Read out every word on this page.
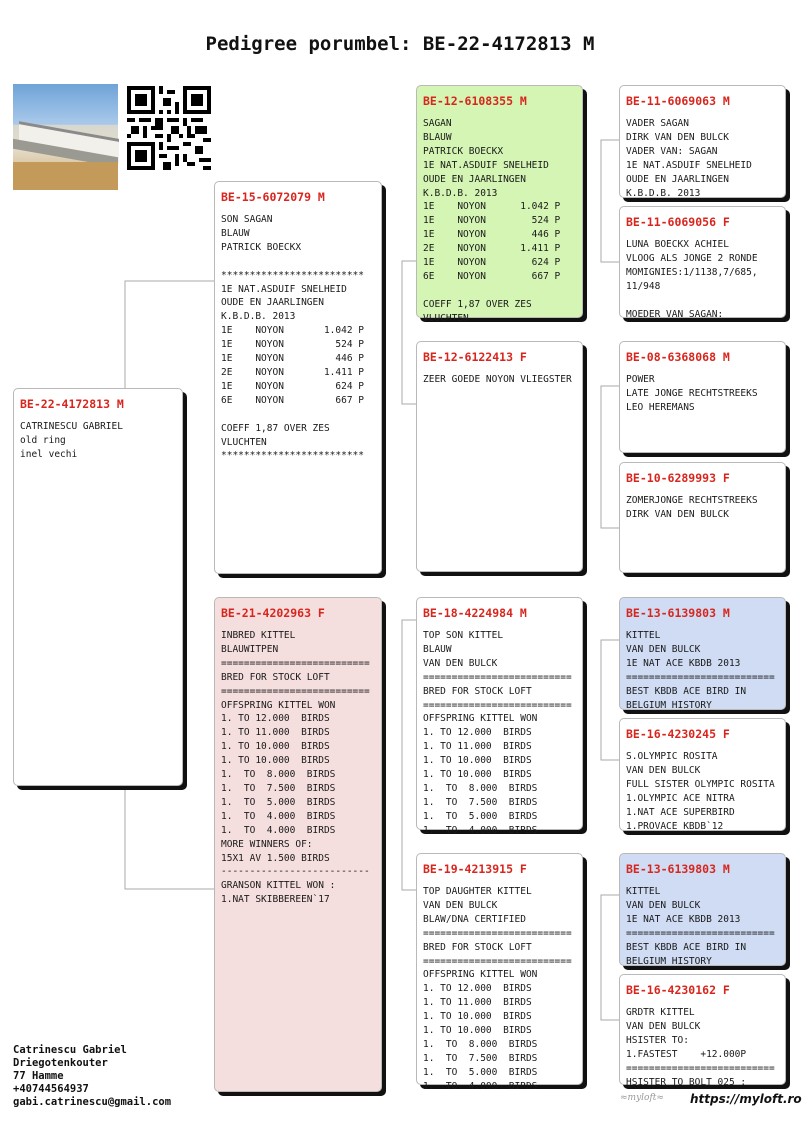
Pedigree porumbel: BE-22-4172813 M
BE-22-4172813 M
CATRINESCU GABRIEL
old ring
inel vechi
BE-15-6072079 M
SON SAGAN
BLAUW
PATRICK BOECKX

*************************
1E NAT.ASDUIF SNELHEID
OUDE EN JAARLINGEN
K.B.D.B. 2013
1E    NOYON       1.042 P
1E    NOYON         524 P
1E    NOYON         446 P
2E    NOYON       1.411 P
1E    NOYON         624 P
6E    NOYON         667 P

COEFF 1,87 OVER ZES
VLUCHTEN
*************************
BE-21-4202963 F
INBRED KITTEL
BLAUWITPEN
==========================
BRED FOR STOCK LOFT
==========================
OFFSPRING KITTEL WON
1. TO 12.000  BIRDS
1. TO 11.000  BIRDS
1. TO 10.000  BIRDS
1. TO 10.000  BIRDS
1.  TO  8.000  BIRDS
1.  TO  7.500  BIRDS
1.  TO  5.000  BIRDS
1.  TO  4.000  BIRDS
1.  TO  4.000  BIRDS
MORE WINNERS OF:
15X1 AV 1.500 BIRDS
--------------------------
GRANSON KITTEL WON :
1.NAT SKIBBEREEN`17
BE-12-6108355 M
SAGAN
BLAUW
PATRICK BOECKX
1E NAT.ASDUIF SNELHEID
OUDE EN JAARLINGEN
K.B.D.B. 2013
1E    NOYON      1.042 P
1E    NOYON        524 P
1E    NOYON        446 P
2E    NOYON      1.411 P
1E    NOYON        624 P
6E    NOYON        667 P

COEFF 1,87 OVER ZES
VLUCHTEN
BE-12-6122413 F
ZEER GOEDE NOYON VLIEGSTER
BE-18-4224984 M
TOP SON KITTEL
BLAUW
VAN DEN BULCK
==========================
BRED FOR STOCK LOFT
==========================
OFFSPRING KITTEL WON
1. TO 12.000  BIRDS
1. TO 11.000  BIRDS
1. TO 10.000  BIRDS
1. TO 10.000  BIRDS
1.  TO  8.000  BIRDS
1.  TO  7.500  BIRDS
1.  TO  5.000  BIRDS
1.  TO  4.000  BIRDS
BE-19-4213915 F
TOP DAUGHTER KITTEL
VAN DEN BULCK
BLAW/DNA CERTIFIED
==========================
BRED FOR STOCK LOFT
==========================
OFFSPRING KITTEL WON
1. TO 12.000  BIRDS
1. TO 11.000  BIRDS
1. TO 10.000  BIRDS
1. TO 10.000  BIRDS
1.  TO  8.000  BIRDS
1.  TO  7.500  BIRDS
1.  TO  5.000  BIRDS
1.  TO  4.000  BIRDS
BE-11-6069063 M
VADER SAGAN
DIRK VAN DEN BULCK
VADER VAN: SAGAN
1E NAT.ASDUIF SNELHEID
OUDE EN JAARLINGEN
K.B.D.B. 2013
BE-11-6069056 F
LUNA BOECKX ACHIEL
VLOOG ALS JONGE 2 RONDE
MOMIGNIES:1/1138,7/685,
11/948

MOEDER VAN SAGAN:
BE-08-6368068 M
POWER
LATE JONGE RECHTSTREEKS
LEO HEREMANS
BE-10-6289993 F
ZOMERJONGE RECHTSTREEKS
DIRK VAN DEN BULCK
BE-13-6139803 M
KITTEL
VAN DEN BULCK
1E NAT ACE KBDB 2013
==========================
BEST KBDB ACE BIRD IN
BELGIUM HISTORY
BE-16-4230245 F
S.OLYMPIC ROSITA
VAN DEN BULCK
FULL SISTER OLYMPIC ROSITA
1.OLYMPIC ACE NITRA
1.NAT ACE SUPERBIRD
1.PROVACE KBDB`12
BE-13-6139803 M
KITTEL
VAN DEN BULCK
1E NAT ACE KBDB 2013
==========================
BEST KBDB ACE BIRD IN
BELGIUM HISTORY
BE-16-4230162 F
GRDTR KITTEL
VAN DEN BULCK
HSISTER TO:
1.FASTEST    +12.000P
==========================
HSISTER TO BOLT 025 :
Catrinescu Gabriel
Driegotenkouter
77 Hamme
+40744564937
gabi.catrinescu@gmail.com	≈myloft≈ https://myloft.ro
